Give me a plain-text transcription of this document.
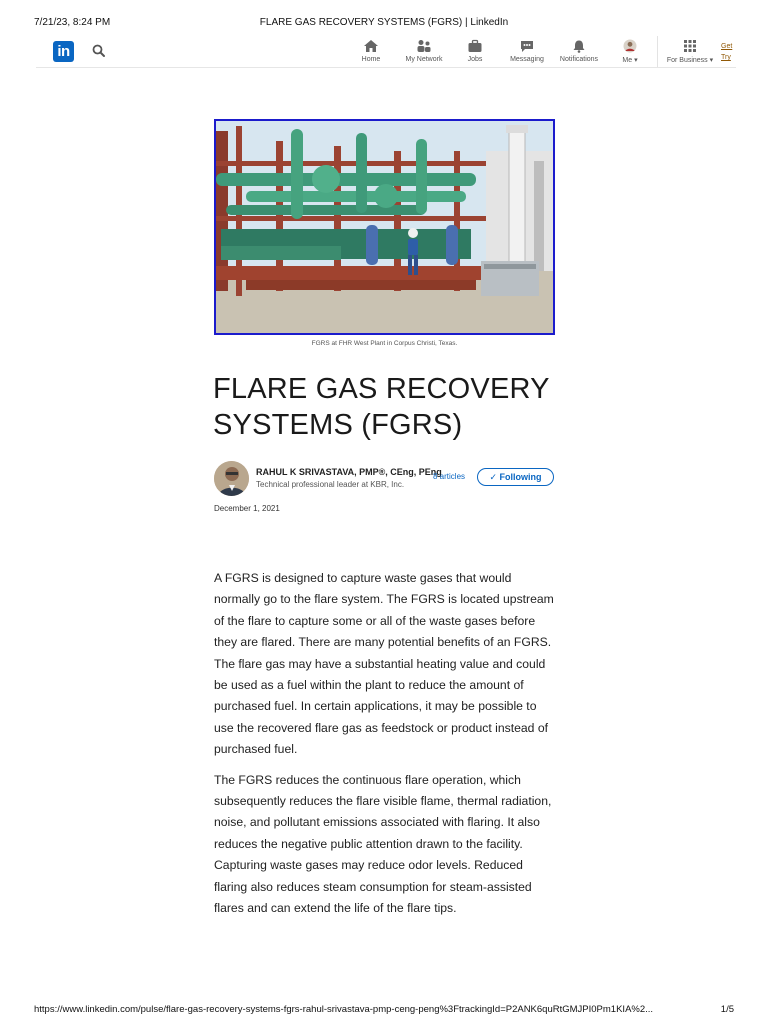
7/21/23, 8:24 PM	FLARE GAS RECOVERY SYSTEMS (FGRS) | LinkedIn
in	Home	My Network	Jobs	Messaging	Notifications	Me ▾	For Business ▾
Get Try
FGRS at FHR West Plant in Corpus Christi, Texas.
FLARE GAS RECOVERY SYSTEMS (FGRS)
RAHUL K SRIVASTAVA, PMP®, CEng, PEng
Technical professional leader at KBR, Inc.
8 articles	✓ Following
December 1, 2021

A FGRS is designed to capture waste gases that would normally go to the flare system. The FGRS is located upstream of the flare to capture some or all of the waste gases before they are flared. There are many potential benefits of an FGRS. The flare gas may have a substantial heating value and could be used as a fuel within the plant to reduce the amount of purchased fuel. In certain applications, it may be possible to use the recovered flare gas as feedstock or product instead of purchased fuel.

The FGRS reduces the continuous flare operation, which subsequently reduces the flare visible flame, thermal radiation, noise, and pollutant emissions associated with flaring. It also reduces the negative public attention drawn to the facility. Capturing waste gases may reduce odor levels. Reduced flaring also reduces steam consumption for steam-assisted flares and can extend the life of the flare tips.

https://www.linkedin.com/pulse/flare-gas-recovery-systems-fgrs-rahul-srivastava-pmp-ceng-peng%3FtrackingId=P2ANK6quRtGMJPI0Pm1KIA%2...	1/5
